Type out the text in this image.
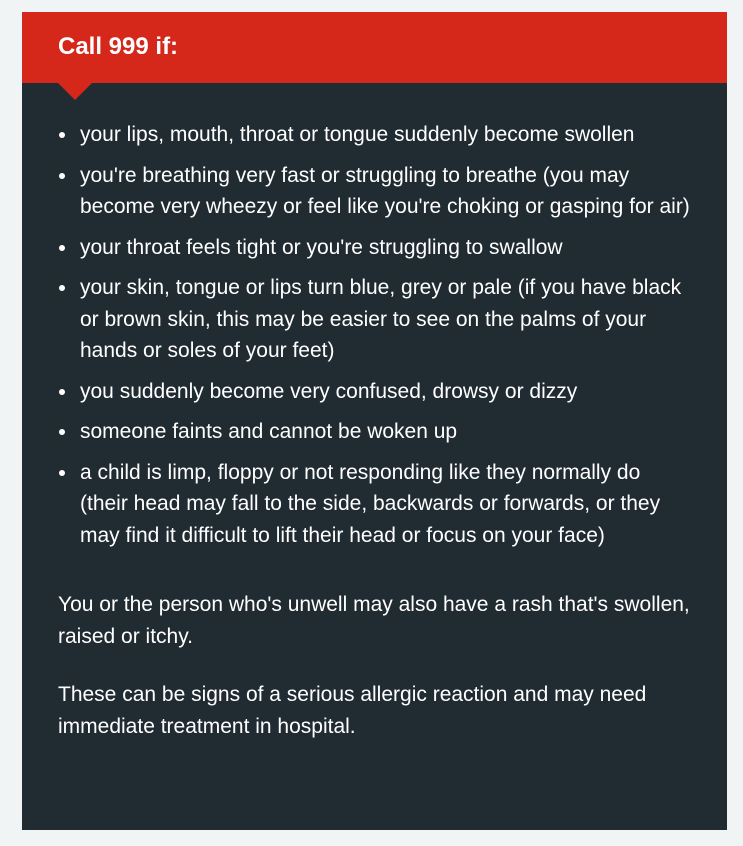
Call 999 if:
your lips, mouth, throat or tongue suddenly become swollen
you're breathing very fast or struggling to breathe (you may become very wheezy or feel like you're choking or gasping for air)
your throat feels tight or you're struggling to swallow
your skin, tongue or lips turn blue, grey or pale (if you have black or brown skin, this may be easier to see on the palms of your hands or soles of your feet)
you suddenly become very confused, drowsy or dizzy
someone faints and cannot be woken up
a child is limp, floppy or not responding like they normally do (their head may fall to the side, backwards or forwards, or they may find it difficult to lift their head or focus on your face)

You or the person who's unwell may also have a rash that's swollen, raised or itchy.

These can be signs of a serious allergic reaction and may need immediate treatment in hospital.
